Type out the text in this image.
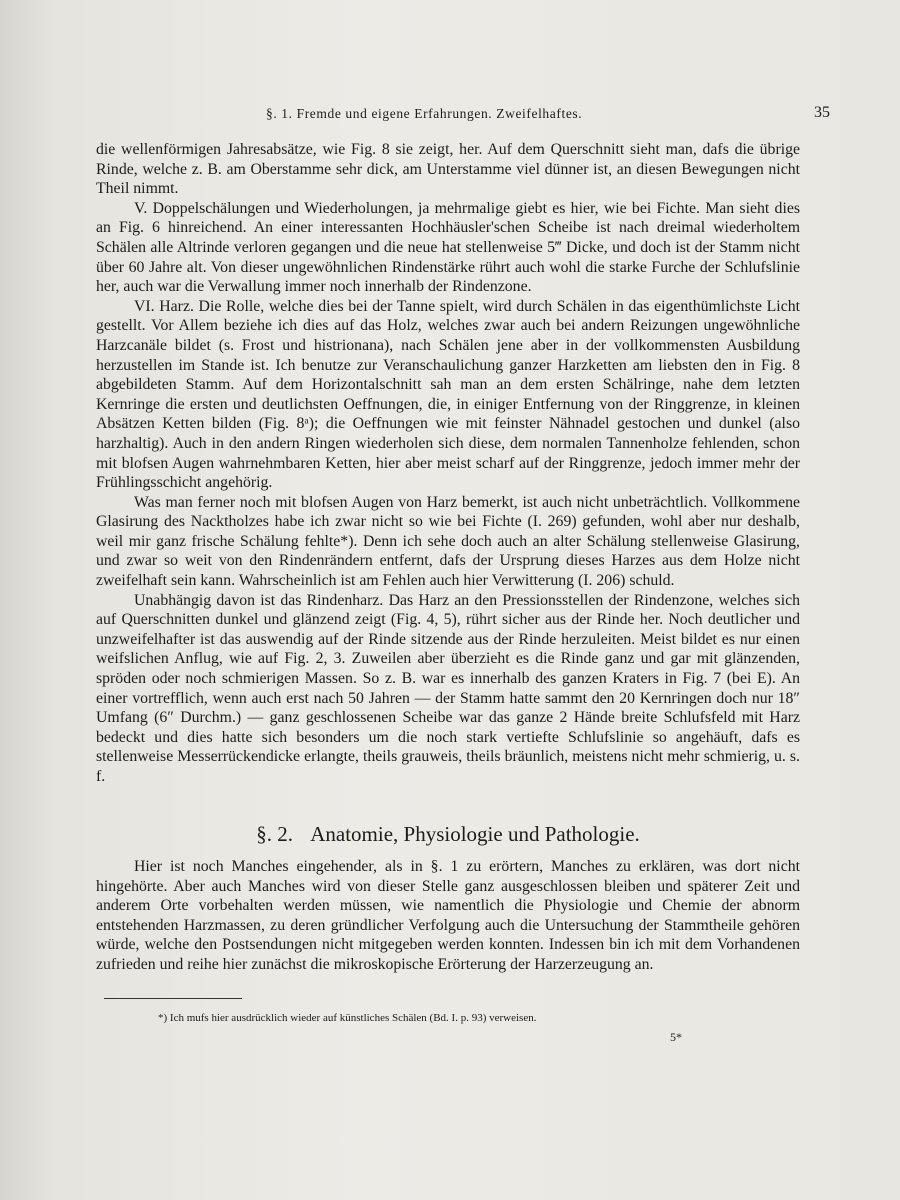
§. 1. Fremde und eigene Erfahrungen. Zweifelhaftes.	35

die wellenförmigen Jahresabsätze, wie Fig. 8 sie zeigt, her. Auf dem Querschnitt sieht man, dafs die übrige Rinde, welche z. B. am Oberstamme sehr dick, am Unterstamme viel dünner ist, an diesen Bewegungen nicht Theil nimmt.

V. Doppelschälungen und Wiederholungen, ja mehrmalige giebt es hier, wie bei Fichte. Man sieht dies an Fig. 6 hinreichend. An einer interessanten Hochhäusler'schen Scheibe ist nach dreimal wiederholtem Schälen alle Altrinde verloren gegangen und die neue hat stellenweise 5‴ Dicke, und doch ist der Stamm nicht über 60 Jahre alt. Von dieser ungewöhnlichen Rindenstärke rührt auch wohl die starke Furche der Schlufslinie her, auch war die Verwallung immer noch innerhalb der Rindenzone.

VI. Harz. Die Rolle, welche dies bei der Tanne spielt, wird durch Schälen in das eigenthümlichste Licht gestellt. Vor Allem beziehe ich dies auf das Holz, welches zwar auch bei andern Reizungen ungewöhnliche Harzcanäle bildet (s. Frost und histrionana), nach Schälen jene aber in der vollkommensten Ausbildung herzustellen im Stande ist. Ich benutze zur Veranschaulichung ganzer Harzketten am liebsten den in Fig. 8 abgebildeten Stamm. Auf dem Horizontalschnitt sah man an dem ersten Schälringe, nahe dem letzten Kernringe die ersten und deutlichsten Oeffnungen, die, in einiger Entfernung von der Ringgrenze, in kleinen Absätzen Ketten bilden (Fig. 8ᵃ); die Oeffnungen wie mit feinster Nähnadel gestochen und dunkel (also harzhaltig). Auch in den andern Ringen wiederholen sich diese, dem normalen Tannenholze fehlenden, schon mit blofsen Augen wahrnehmbaren Ketten, hier aber meist scharf auf der Ringgrenze, jedoch immer mehr der Frühlingsschicht angehörig.

Was man ferner noch mit blofsen Augen von Harz bemerkt, ist auch nicht unbeträchtlich. Vollkommene Glasirung des Nacktholzes habe ich zwar nicht so wie bei Fichte (I. 269) gefunden, wohl aber nur deshalb, weil mir ganz frische Schälung fehlte*). Denn ich sehe doch auch an alter Schälung stellenweise Glasirung, und zwar so weit von den Rindenrändern entfernt, dafs der Ursprung dieses Harzes aus dem Holze nicht zweifelhaft sein kann. Wahrscheinlich ist am Fehlen auch hier Verwitterung (I. 206) schuld.

Unabhängig davon ist das Rindenharz. Das Harz an den Pressionsstellen der Rindenzone, welches sich auf Querschnitten dunkel und glänzend zeigt (Fig. 4, 5), rührt sicher aus der Rinde her. Noch deutlicher und unzweifelhafter ist das auswendig auf der Rinde sitzende aus der Rinde herzuleiten. Meist bildet es nur einen weifslichen Anflug, wie auf Fig. 2, 3. Zuweilen aber überzieht es die Rinde ganz und gar mit glänzenden, spröden oder noch schmierigen Massen. So z. B. war es innerhalb des ganzen Kraters in Fig. 7 (bei E). An einer vortrefflich, wenn auch erst nach 50 Jahren — der Stamm hatte sammt den 20 Kernringen doch nur 18″ Umfang (6″ Durchm.) — ganz geschlossenen Scheibe war das ganze 2 Hände breite Schlufsfeld mit Harz bedeckt und dies hatte sich besonders um die noch stark vertiefte Schlufslinie so angehäuft, dafs es stellenweise Messerrückendicke erlangte, theils grauweis, theils bräunlich, meistens nicht mehr schmierig, u. s. f.

§. 2. Anatomie, Physiologie und Pathologie.

Hier ist noch Manches eingehender, als in §. 1 zu erörtern, Manches zu erklären, was dort nicht hingehörte. Aber auch Manches wird von dieser Stelle ganz ausgeschlossen bleiben und späterer Zeit und anderem Orte vorbehalten werden müssen, wie namentlich die Physiologie und Chemie der abnorm entstehenden Harzmassen, zu deren gründlicher Verfolgung auch die Untersuchung der Stammtheile gehören würde, welche den Postsendungen nicht mitgegeben werden konnten. Indessen bin ich mit dem Vorhandenen zufrieden und reihe hier zunächst die mikroskopische Erörterung der Harzerzeugung an.

*) Ich mufs hier ausdrücklich wieder auf künstliches Schälen (Bd. I. p. 93) verweisen.
5*
